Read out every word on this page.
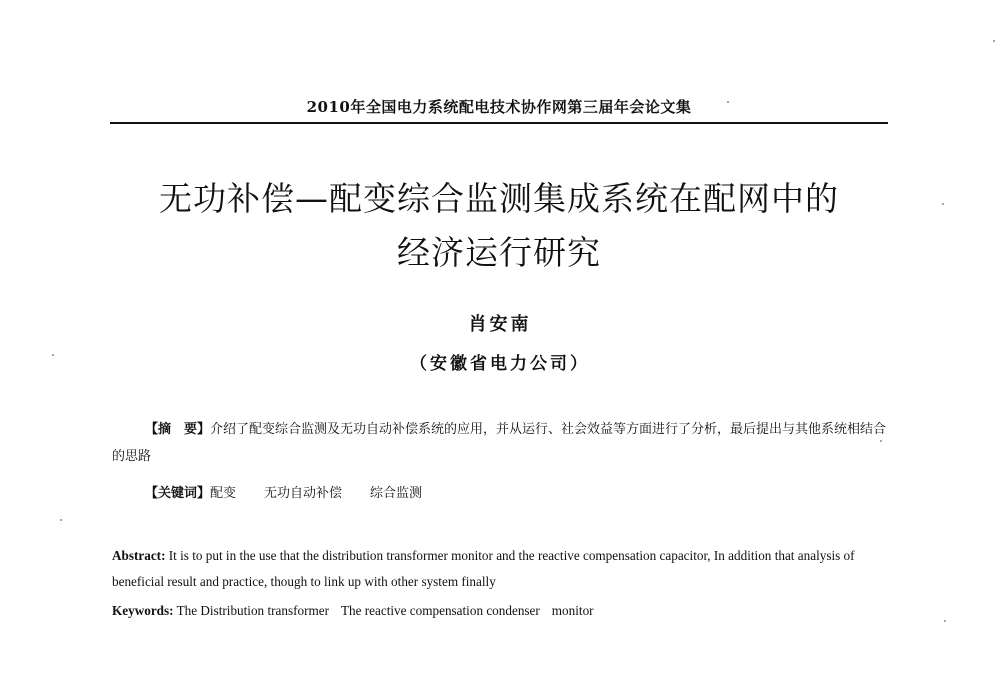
2010年全国电力系统配电技术协作网第三届年会论文集
无功补偿—配变综合监测集成系统在配网中的
经济运行研究
肖安南
（安徽省电力公司）

【摘　要】介绍了配变综合监测及无功自动补偿系统的应用，并从运行、社会效益等方面进行了分析，最后提出与其他系统相结合的思路

【关键词】配变 无功自动补偿 综合监测

Abstract: It is to put in the use that the distribution transformer monitor and the reactive compensation capacitor, In addition that analysis of beneficial result and practice, though to link up with other system finally

Keywords: The Distribution transformer The reactive compensation condenser monitor
